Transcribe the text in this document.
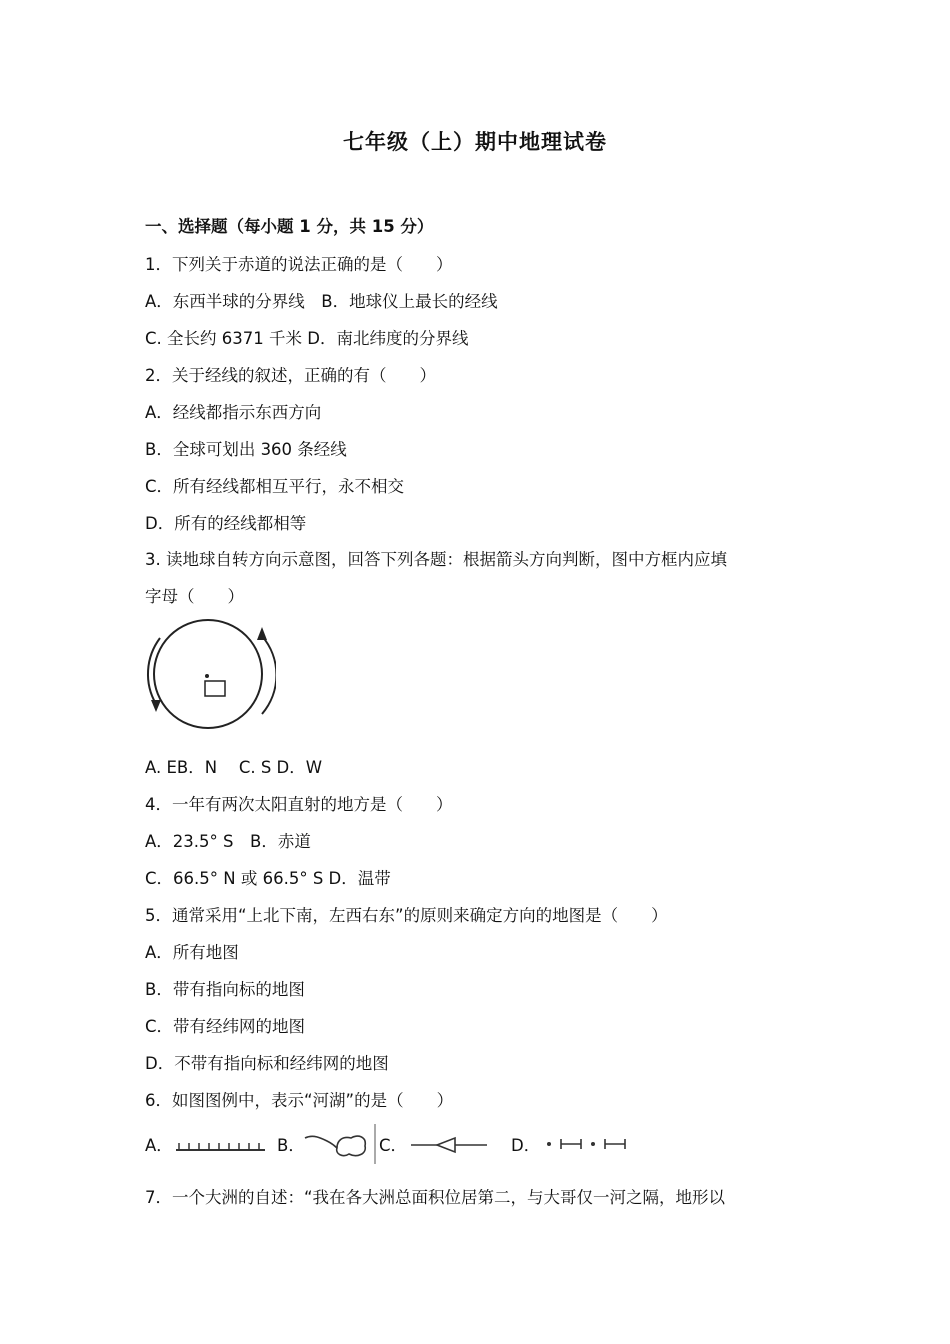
七年级（上）期中地理试卷
一、选择题（每小题 1 分，共 15 分）
1．下列关于赤道的说法正确的是（　　）
A．东西半球的分界线　B．地球仪上最长的经线
C. 全长约 6371 千米 D．南北纬度的分界线
2．关于经线的叙述，正确的有（　　）
A．经线都指示东西方向
B．全球可划出 360 条经线
C．所有经线都相互平行，永不相交
D．所有的经线都相等
3. 读地球自转方向示意图，回答下列各题：根据箭头方向判断，图中方框内应填
字母（　　）
A. EB．N　 C. S D．W
4．一年有两次太阳直射的地方是（　　）
A．23.5° S　B．赤道
C．66.5° N 或 66.5° S D．温带
5．通常采用“上北下南，左西右东”的原则来确定方向的地图是（　　）
A．所有地图
B．带有指向标的地图
C．带有经纬网的地图
D．不带有指向标和经纬网的地图
6．如图图例中，表示“河湖”的是（　　）
A．	B．	C．	D．
7．一个大洲的自述：“我在各大洲总面积位居第二，与大哥仅一河之隔，地形以
